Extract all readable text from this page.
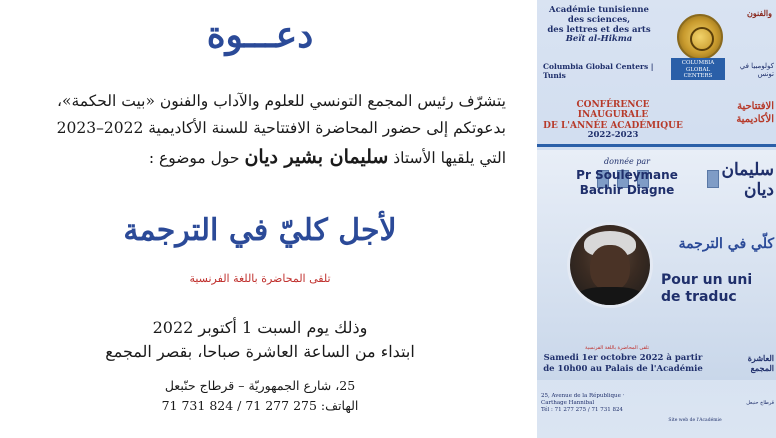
دعـــوة
يتشرّف رئيس المجمع التونسي للعلوم والآداب والفنون «بيت الحكمة»،
بدعوتكم إلى حضور المحاضرة الافتتاحية للسنة الأكاديمية 2022–2023
التي يلقيها الأستاذ سليمان بشير ديان حول موضوع :
لأجل كليّ في الترجمة
تلقى المحاضرة باللغة الفرنسية
وذلك يوم السبت 1 أكتوبر 2022
ابتداء من الساعة العاشرة صباحا، بقصر المجمع
25، شارع الجمهوريّة – قرطاج حنّبعل
الهاتف: 275 277 71 / 824 731 71
Académie tunisienne des sciences,
des lettres et des arts
Beït al-Hikma
والفنون
Columbia Global Centers | Tunis
COLUMBIA GLOBAL CENTERS
كولومبيا في تونس
CONFÉRENCE INAUGURALE
DE L'ANNÉE ACADÉMIQUE
2022-2023
الافتتاحية الأكاديمية
donnée par
Pr Souleymane
Bachir Diagne
سليمان ديان
كلّي في الترجمة
Pour un uni
de traduc
تلقى المحاضرة باللغة الفرنسية
Samedi 1er octobre 2022 à partir
de 10h00 au Palais de l'Académie
العاشرة المجمع
25, Avenue de la République · Carthage Hannibal
Tél : 71 277 275 / 71 731 824
Site web de l'Académie
قرطاج حنبعل
